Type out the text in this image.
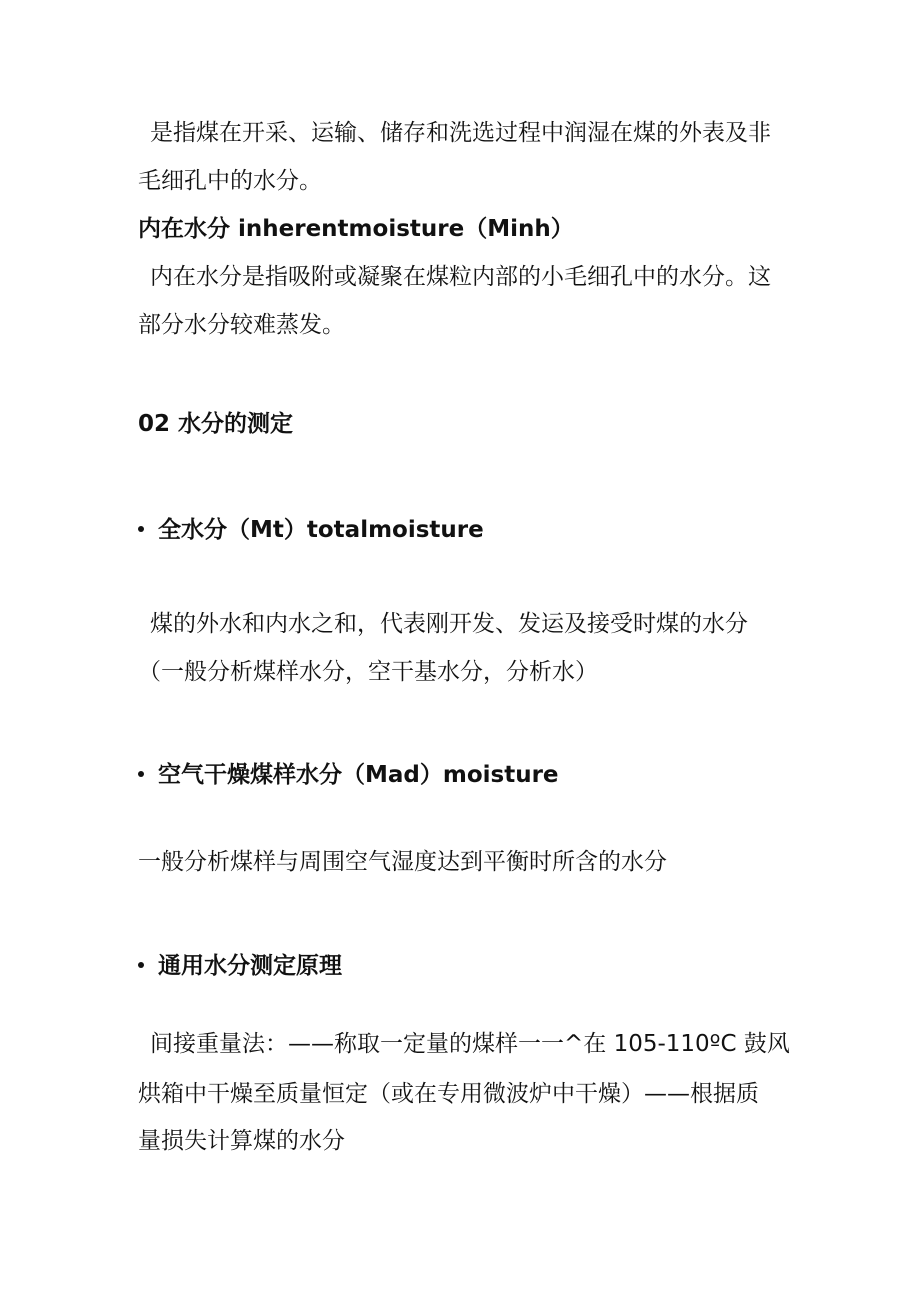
是指煤在开采、运输、储存和洗选过程中润湿在煤的外表及非
毛细孔中的水分。
内在水分 inherentmoisture（Minh）
内在水分是指吸附或凝聚在煤粒内部的小毛细孔中的水分。这
部分水分较难蒸发。
02 水分的测定
全水分（Mt）totalmoisture
煤的外水和内水之和，代表刚开发、发运及接受时煤的水分
（一般分析煤样水分，空干基水分，分析水）
空气干燥煤样水分（Mad）moisture
一般分析煤样与周围空气湿度达到平衡时所含的水分
通用水分测定原理
间接重量法：——称取一定量的煤样一一^在 105-110ºC 鼓风
烘箱中干燥至质量恒定（或在专用微波炉中干燥）——根据质
量损失计算煤的水分
